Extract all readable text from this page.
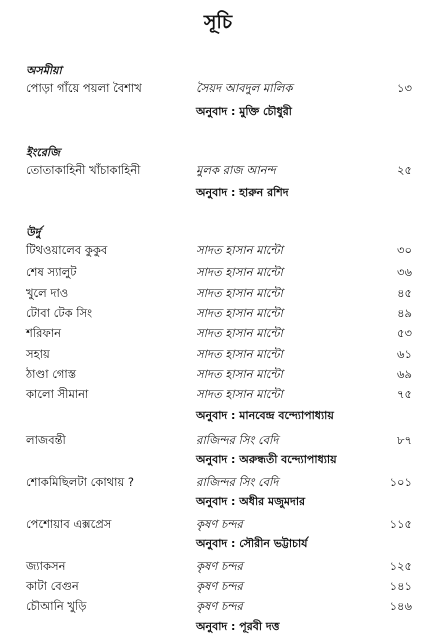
সূচি
অসমীয়া
পোড়া গাঁয়ে পয়লা বৈশাখ	সৈয়দ আবদুল মালিক	১৩
অনুবাদ : মুক্তি চৌধুরী
ইংরেজি
তোতাকাহিনী খাঁচাকাহিনী	মুলক রাজ আনন্দ	২৫
অনুবাদ : হারুন রশিদ
উর্দু
টিথওয়ালেব কুকুব	সাদত হাসান মান্টো	৩০
শেষ স্যালুট	সাদত হাসান মান্টো	৩৬
খুলে দাও	সাদত হাসান মান্টো	৪৫
টোবা টেক সিং	সাদত হাসান মান্টো	৪৯
শরিফান	সাদত হাসান মান্টো	৫৩
সহায়	সাদত হাসান মান্টো	৬১
ঠাণ্ডা গোস্ত	সাদত হাসান মান্টো	৬৯
কালো সীমানা	সাদত হাসান মান্টো	৭৫
অনুবাদ : মানবেন্দ্র বন্দ্যোপাধ্যায়
লাজবন্তী	রাজিন্দর সিং বেদি	৮৭
অনুবাদ : অরুন্ধতী বন্দ্যোপাধ্যায়
শোকমিছিলটা কোথায় ?	রাজিন্দর সিং বেদি	১০১
অনুবাদ : অধীর মজুমদার
পেশোয়াব এক্সপ্রেস	কৃষণ চন্দর	১১৫
অনুবাদ : সৌরীন ভট্টাচার্য
জ্যাকসন	কৃষণ চন্দর	১২৫
কাটা বেগুন	কৃষণ চন্দর	১৪১
চৌআনি খুড়ি	কৃষণ চন্দর	১৪৬
অনুবাদ : পূরবী দত্ত
